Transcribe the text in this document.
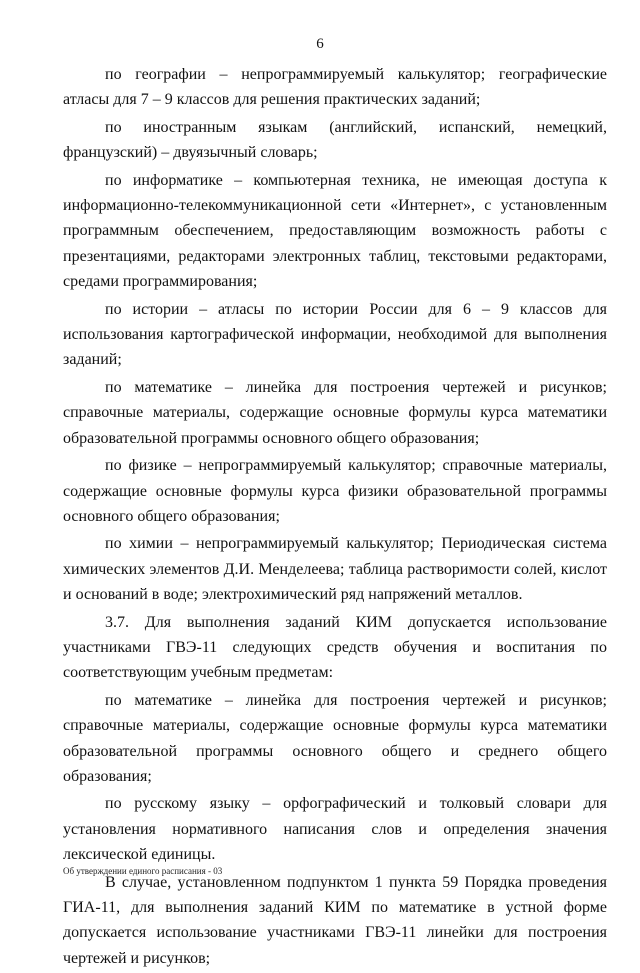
6

по географии – непрограммируемый калькулятор; географические атласы для 7 – 9 классов для решения практических заданий;

по иностранным языкам (английский, испанский, немецкий, французский) – двуязычный словарь;

по информатике – компьютерная техника, не имеющая доступа к информационно-телекоммуникационной сети «Интернет», с установленным программным обеспечением, предоставляющим возможность работы с презентациями, редакторами электронных таблиц, текстовыми редакторами, средами программирования;

по истории – атласы по истории России для 6 – 9 классов для использования картографической информации, необходимой для выполнения заданий;

по математике – линейка для построения чертежей и рисунков; справочные материалы, содержащие основные формулы курса математики образовательной программы основного общего образования;

по физике – непрограммируемый калькулятор; справочные материалы, содержащие основные формулы курса физики образовательной программы основного общего образования;

по химии – непрограммируемый калькулятор; Периодическая система химических элементов Д.И. Менделеева; таблица растворимости солей, кислот и оснований в воде; электрохимический ряд напряжений металлов.

3.7. Для выполнения заданий КИМ допускается использование участниками ГВЭ-11 следующих средств обучения и воспитания по соответствующим учебным предметам:

по математике – линейка для построения чертежей и рисунков; справочные материалы, содержащие основные формулы курса математики образовательной программы основного общего и среднего общего образования;

по русскому языку – орфографический и толковый словари для установления нормативного написания слов и определения значения лексической единицы.

В случае, установленном подпунктом 1 пункта 59 Порядка проведения ГИА-11, для выполнения заданий КИМ по математике в устной форме допускается использование участниками ГВЭ-11 линейки для построения чертежей и рисунков;

Об утверждении единого расписания - 03
